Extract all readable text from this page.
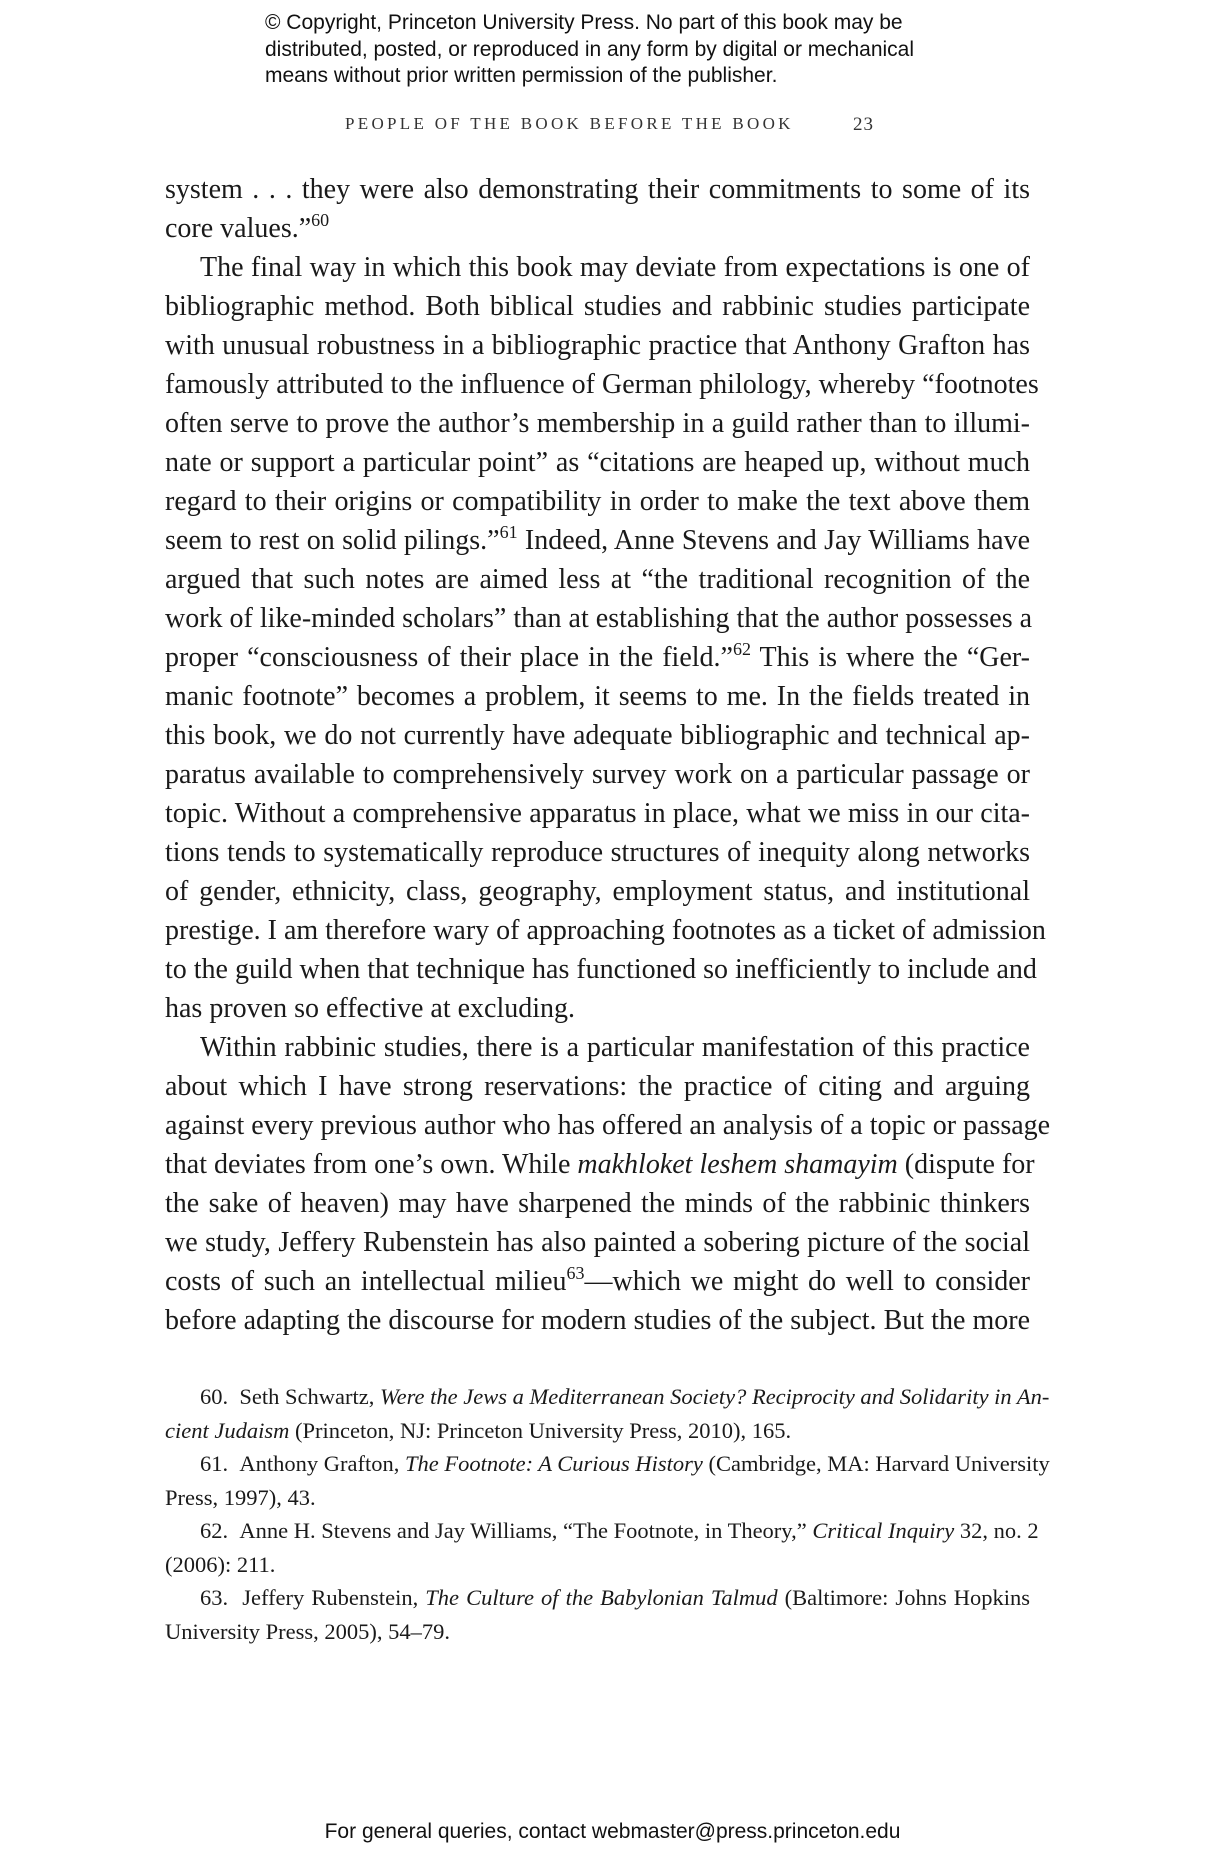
© Copyright, Princeton University Press. No part of this book may be
distributed, posted, or reproduced in any form by digital or mechanical
means without prior written permission of the publisher.
PEOPLE OF THE BOOK BEFORE THE BOOK	23
system . . . they were also demonstrating their commitments to some of its
core values.”$^{60}$
The final way in which this book may deviate from expectations is one of
bibliographic method. Both biblical studies and rabbinic studies participate
with unusual robustness in a bibliographic practice that Anthony Grafton has
famously attributed to the influence of German philology, whereby “footnotes
often serve to prove the author’s membership in a guild rather than to illumi-
nate or support a particular point” as “citations are heaped up, without much
regard to their origins or compatibility in order to make the text above them
seem to rest on solid pilings.”$^{61}$ Indeed, Anne Stevens and Jay Williams have
argued that such notes are aimed less at “the traditional recognition of the
work of like-minded scholars” than at establishing that the author possesses a
proper “consciousness of their place in the field.”$^{62}$ This is where the “Ger-
manic footnote” becomes a problem, it seems to me. In the fields treated in
this book, we do not currently have adequate bibliographic and technical ap-
paratus available to comprehensively survey work on a particular passage or
topic. Without a comprehensive apparatus in place, what we miss in our cita-
tions tends to systematically reproduce structures of inequity along networks
of gender, ethnicity, class, geography, employment status, and institutional
prestige. I am therefore wary of approaching footnotes as a ticket of admission
to the guild when that technique has functioned so inefficiently to include and
has proven so effective at excluding.
Within rabbinic studies, there is a particular manifestation of this practice
about which I have strong reservations: the practice of citing and arguing
against every previous author who has offered an analysis of a topic or passage
that deviates from one’s own. While makhloket leshem shamayim (dispute for
the sake of heaven) may have sharpened the minds of the rabbinic thinkers
we study, Jeffery Rubenstein has also painted a sobering picture of the social
costs of such an intellectual milieu$^{63}$—which we might do well to consider
before adapting the discourse for modern studies of the subject. But the more
60. Seth Schwartz, Were the Jews a Mediterranean Society? Reciprocity and Solidarity in An-
cient Judaism (Princeton, NJ: Princeton University Press, 2010), 165.
61. Anthony Grafton, The Footnote: A Curious History (Cambridge, MA: Harvard University
Press, 1997), 43.
62. Anne H. Stevens and Jay Williams, “The Footnote, in Theory,” Critical Inquiry 32, no. 2
(2006): 211.
63. Jeffery Rubenstein, The Culture of the Babylonian Talmud (Baltimore: Johns Hopkins
University Press, 2005), 54–79.
For general queries, contact webmaster@press.princeton.edu
